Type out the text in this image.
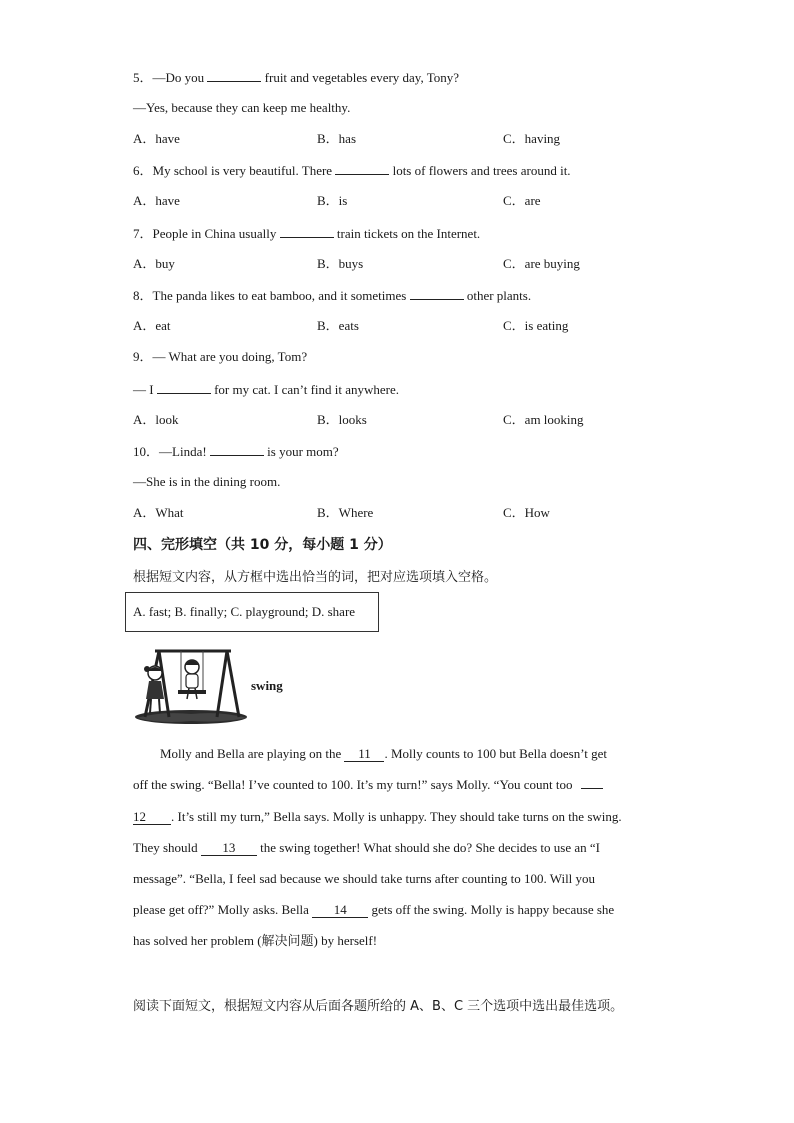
5．—Do you	fruit and vegetables every day, Tony?
—Yes, because they can keep me healthy.
A．have	B．has	C．having
6．My school is very beautiful. There	lots of flowers and trees around it.
A．have	B．is	C．are
7．People in China usually	train tickets on the Internet.
A．buy	B．buys	C．are buying
8．The panda likes to eat bamboo, and it sometimes	other plants.
A．eat	B．eats	C．is eating
9．— What are you doing, Tom?
— I	for my cat. I can’t find it anywhere.
A．look	B．looks	C．am looking
10．—Linda!	is your mom?
—She is in the dining room.
A．What	B．Where	C．How
四、完形填空（共 10 分，每小题 1 分）
根据短文内容，从方框中选出恰当的词，把对应选项填入空格。
A. fast; B. finally; C. playground; D. share
swing
Molly and Bella are playing on the 11 . Molly counts to 100 but Bella doesn’t get
off the swing. “Bella! I’ve counted to 100. It’s my turn!” says Molly. “You count too
12 . It’s still my turn,” Bella says. Molly is unhappy. They should take turns on the swing.
They should 13 the swing together! What should she do? She decides to use an “I
message”. “Bella, I feel sad because we should take turns after counting to 100. Will you
please get off?” Molly asks. Bella 14 gets off the swing. Molly is happy because she
has solved her problem (解决问题) by herself!
阅读下面短文，根据短文内容从后面各题所给的 A、B、C 三个选项中选出最佳选项。
